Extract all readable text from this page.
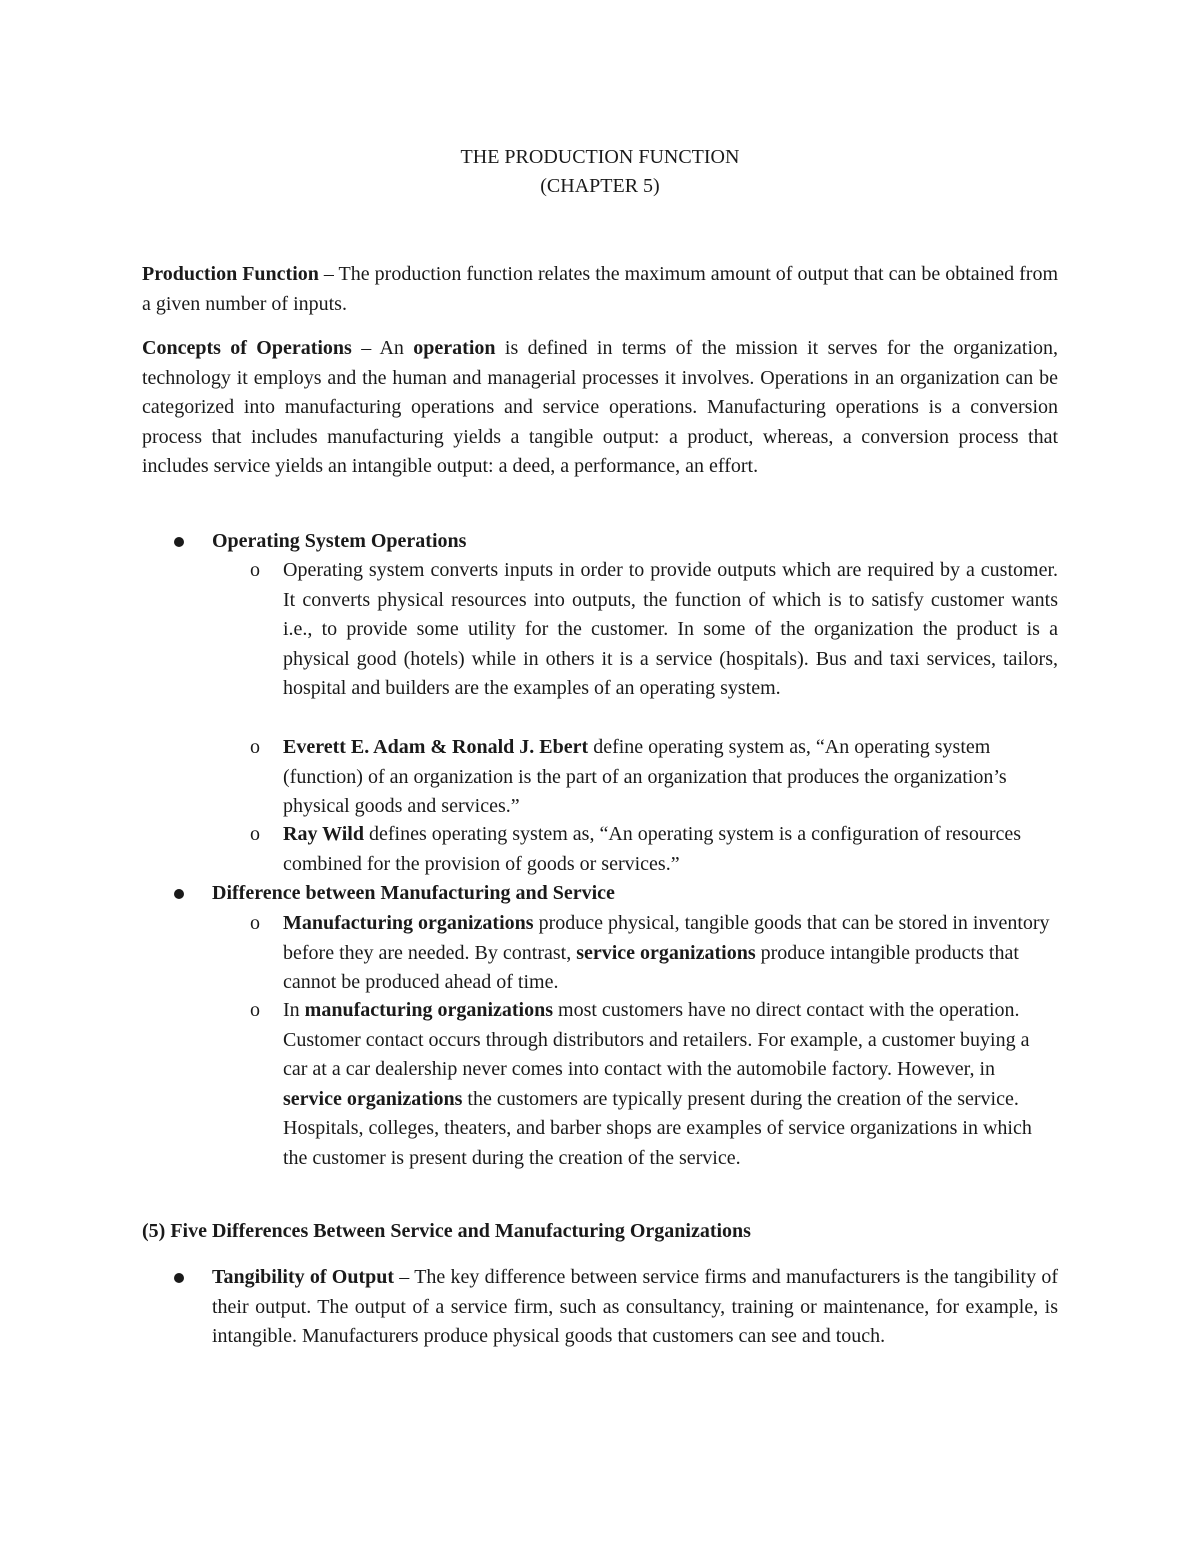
THE PRODUCTION FUNCTION
(CHAPTER 5)
Production Function – The production function relates the maximum amount of output that can be obtained from a given number of inputs.
Concepts of Operations – An operation is defined in terms of the mission it serves for the organization, technology it employs and the human and managerial processes it involves. Operations in an organization can be categorized into manufacturing operations and service operations. Manufacturing operations is a conversion process that includes manufacturing yields a tangible output: a product, whereas, a conversion process that includes service yields an intangible output: a deed, a performance, an effort.
Operating System Operations
o	Operating system converts inputs in order to provide outputs which are required by a customer. It converts physical resources into outputs, the function of which is to satisfy customer wants i.e., to provide some utility for the customer. In some of the organization the product is a physical good (hotels) while in others it is a service (hospitals). Bus and taxi services, tailors, hospital and builders are the examples of an operating system.
o	Everett E. Adam & Ronald J. Ebert define operating system as, “An operating system (function) of an organization is the part of an organization that produces the organization’s physical goods and services.”
o	Ray Wild defines operating system as, “An operating system is a configuration of resources combined for the provision of goods or services.”
Difference between Manufacturing and Service
o	Manufacturing organizations produce physical, tangible goods that can be stored in inventory before they are needed. By contrast, service organizations produce intangible products that cannot be produced ahead of time.
o	In manufacturing organizations most customers have no direct contact with the operation. Customer contact occurs through distributors and retailers. For example, a customer buying a car at a car dealership never comes into contact with the automobile factory. However, in service organizations the customers are typically present during the creation of the service. Hospitals, colleges, theaters, and barber shops are examples of service organizations in which the customer is present during the creation of the service.
(5) Five Differences Between Service and Manufacturing Organizations
Tangibility of Output – The key difference between service firms and manufacturers is the tangibility of their output. The output of a service firm, such as consultancy, training or maintenance, for example, is intangible. Manufacturers produce physical goods that customers can see and touch.
